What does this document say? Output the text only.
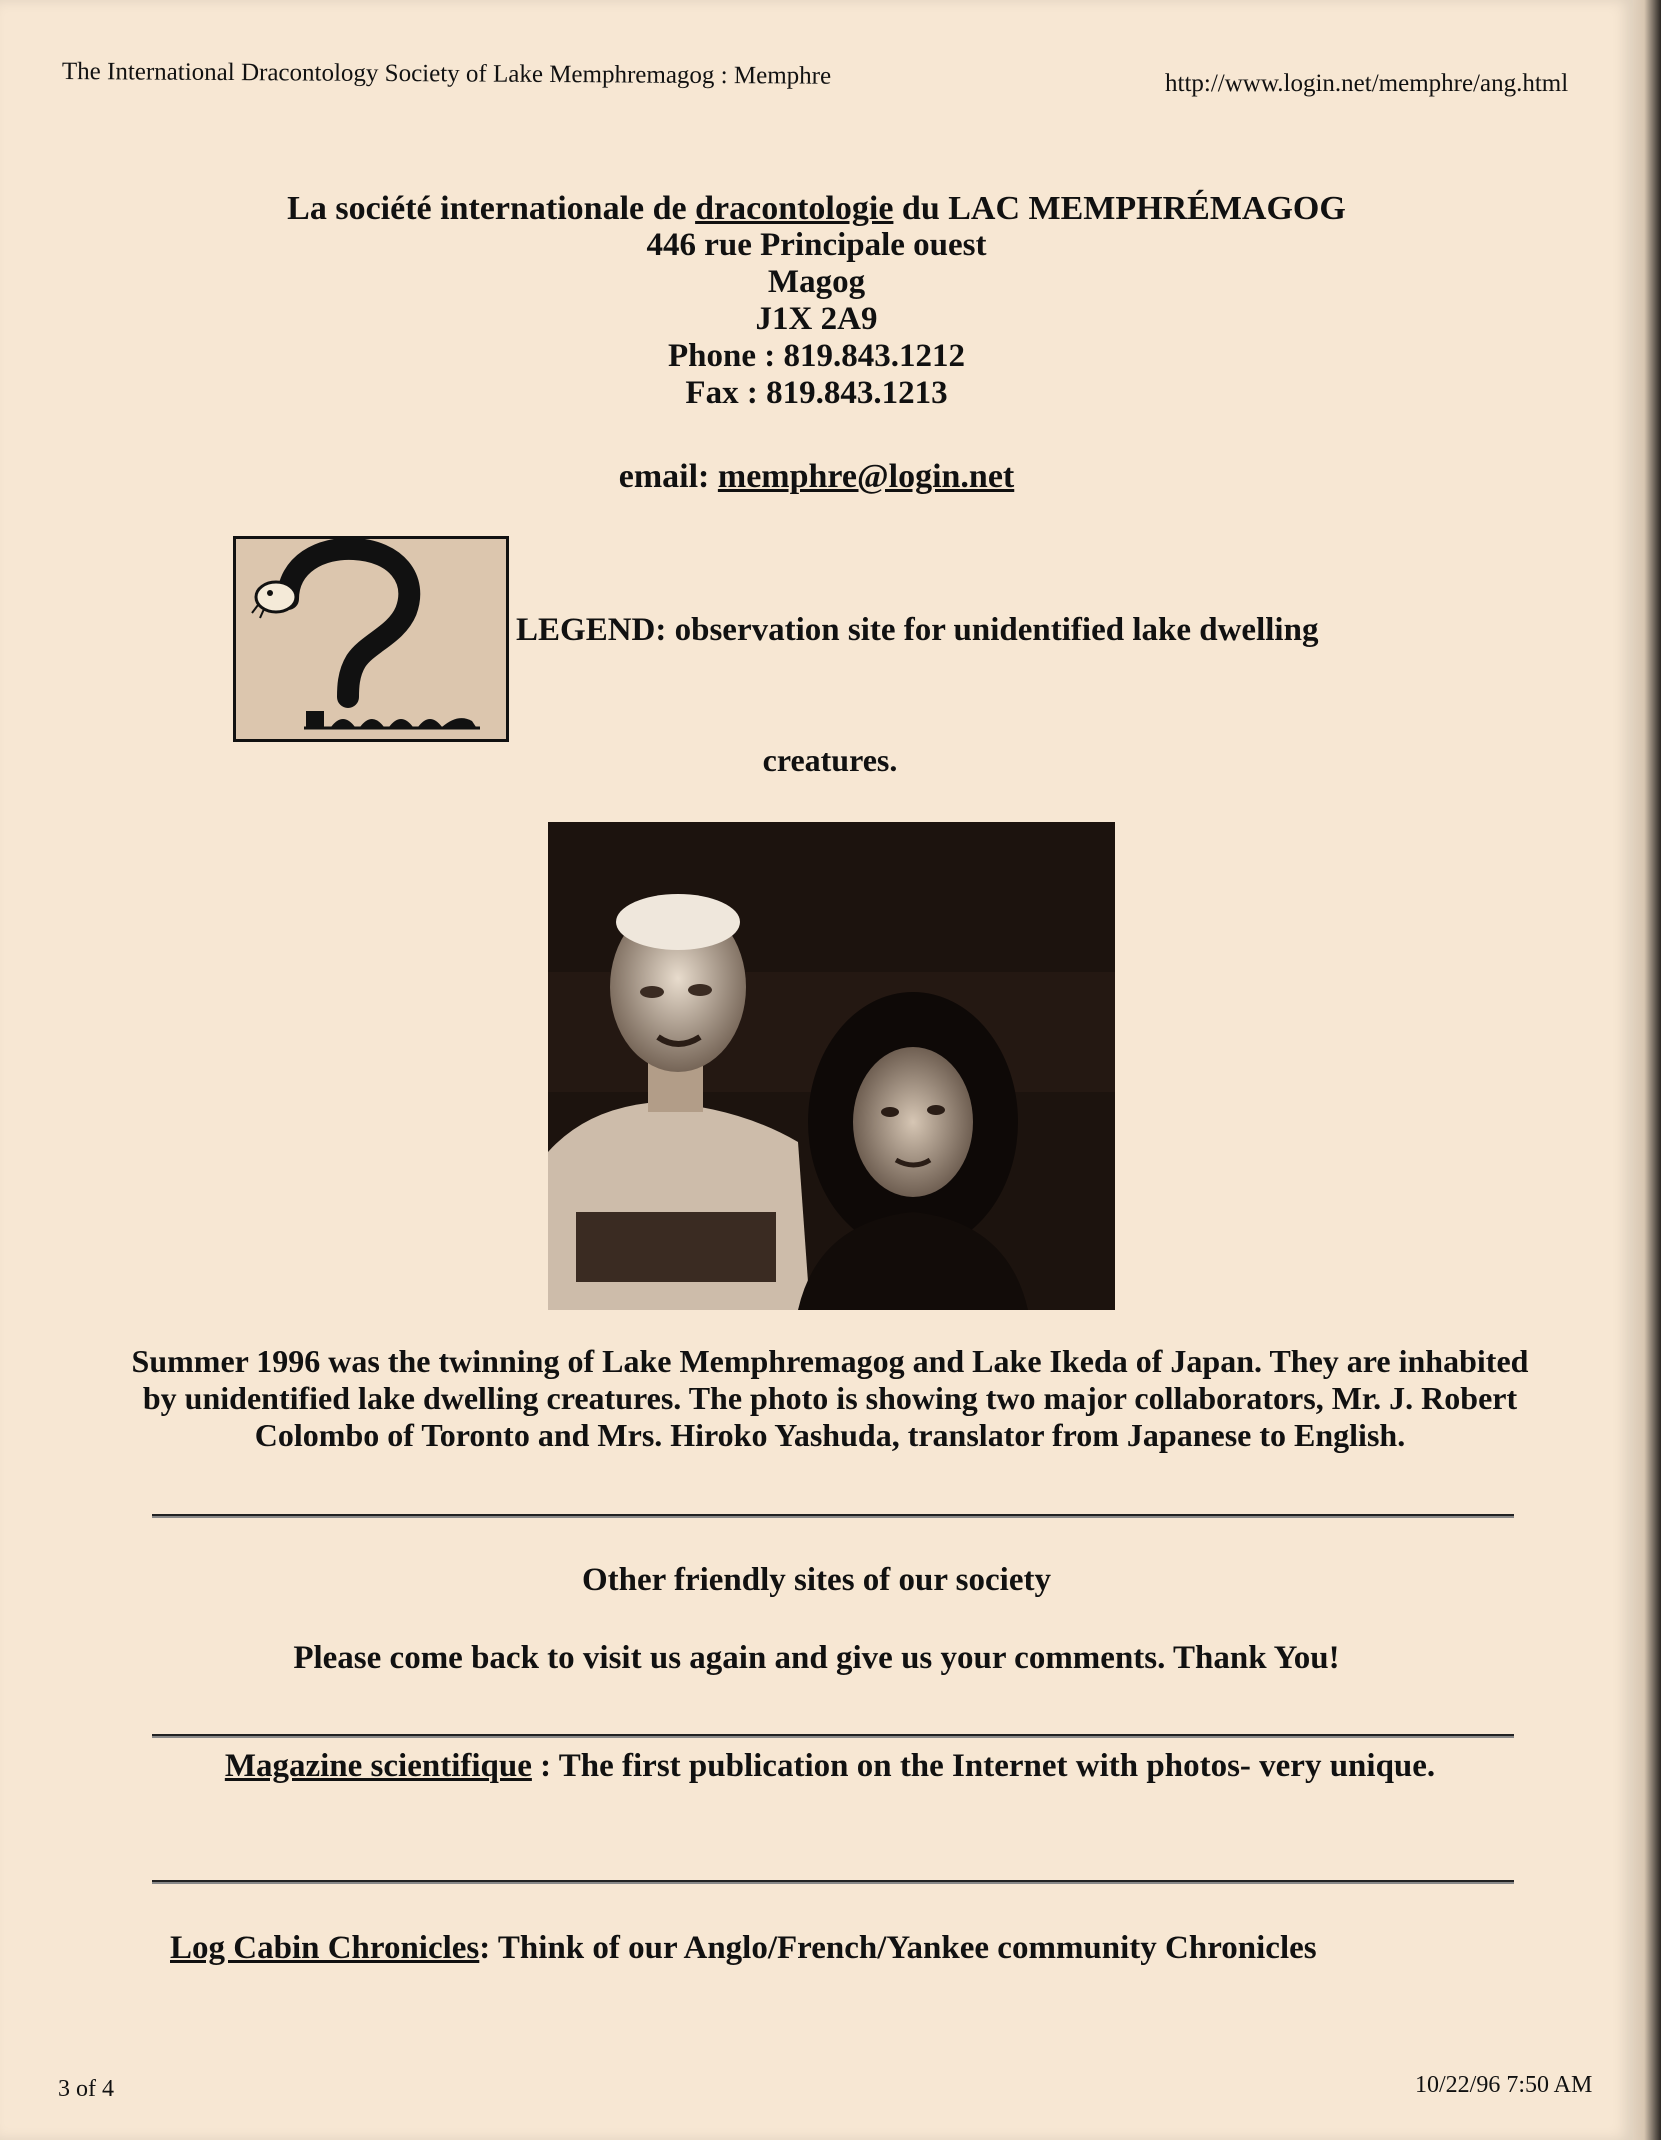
The International Dracontology Society of Lake Memphremagog : Memphre	http://www.login.net/memphre/ang.html
La société internationale de dracontologie du LAC MEMPHRÉMAGOG
446 rue Principale ouest
Magog
J1X 2A9
Phone : 819.843.1212
Fax : 819.843.1213
email: memphre@login.net
LEGEND: observation site for unidentified lake dwelling
creatures.
Summer 1996 was the twinning of Lake Memphremagog and Lake Ikeda of Japan. They are inhabited by unidentified lake dwelling creatures. The photo is showing two major collaborators, Mr. J. Robert Colombo of Toronto and Mrs. Hiroko Yashuda, translator from Japanese to English.
Other friendly sites of our society
Please come back to visit us again and give us your comments. Thank You!
Magazine scientifique : The first publication on the Internet with photos- very unique.
Log Cabin Chronicles: Think of our Anglo/French/Yankee community Chronicles
3 of 4	10/22/96 7:50 AM
